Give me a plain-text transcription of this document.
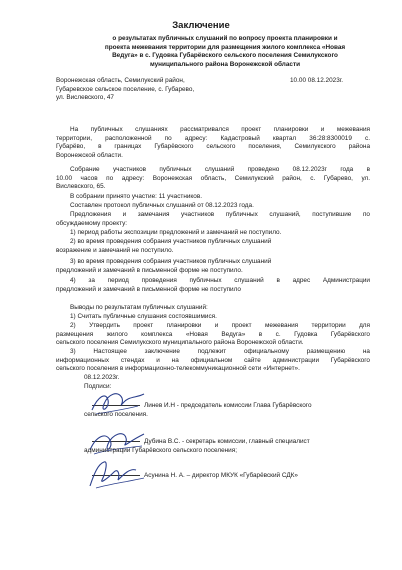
Заключение
о результатах публичных слушаний по вопросу проекта планировки и
проекта межевания территории для размещения жилого комплекса «Новая
Ведуга» в с. Гудовка Губарёвского сельского поселения Семилукского
муниципального района Воронежской области
Воронежская область, Семилукский район,
Губаревское сельское поселение, с. Губарево,
ул. Вислевского, 47
10.00 08.12.2023г.
На публичных слушаниях рассматривался проект планировки и межевания
территории, расположенной по адресу: Кадастровый квартал 36:28:8300019 с.
Губарёво, в границах Губарёвского сельского поселения, Семилукского района
Воронежской области.
Собрание участников публичных слушаний проведено 08.12.2023г года в
10.00 часов по адресу: Воронежская область, Семилукский район, с. Губарево, ул.
Вислевского, 65.
В собрании принято участие: 11 участников.
Составлен протокол публичных слушаний от 08.12.2023 года.
Предложения и замечания участников публичных слушаний, поступившие по
обсуждаемому проекту:
1) период работы экспозиции предложений и замечаний не поступило.
2) во время проведения собрания участников публичных слушаний
возражение и замечаний не поступило.
3) во время проведения собрания участников публичных слушаний
предложений и замечаний в письменной форме не поступило.
4) за период проведения публичных слушаний в адрес Администрации
предложений и замечаний в письменной форме не поступило
Выводы по результатам публичных слушаний:
1) Считать публичные слушания состоявшимися.
2) Утвердить проект планировки и проект межевания территории для
размещения жилого комплекса «Новая Ведуга» в с. Гудовка Губарёвского
сельского поселения Семилукского муниципального района Воронежской области.
3) Настоящее заключение подлежит официальному размещению на
информационных стендах и на официальном сайте администрации Губарёвского
сельского поселения в информационно-телекоммуникационной сети «Интернет».
08.12.2023г.
Подписи:
Линев И.Н - председатель комиссии Глава Губарёвского
сельского поселения.
Дубина В.С. - секретарь комиссии, главный специалист
администрации Губарёвского сельского поселения;
Асунина Н. А. – директор МКУК «Губарёвский СДК»
